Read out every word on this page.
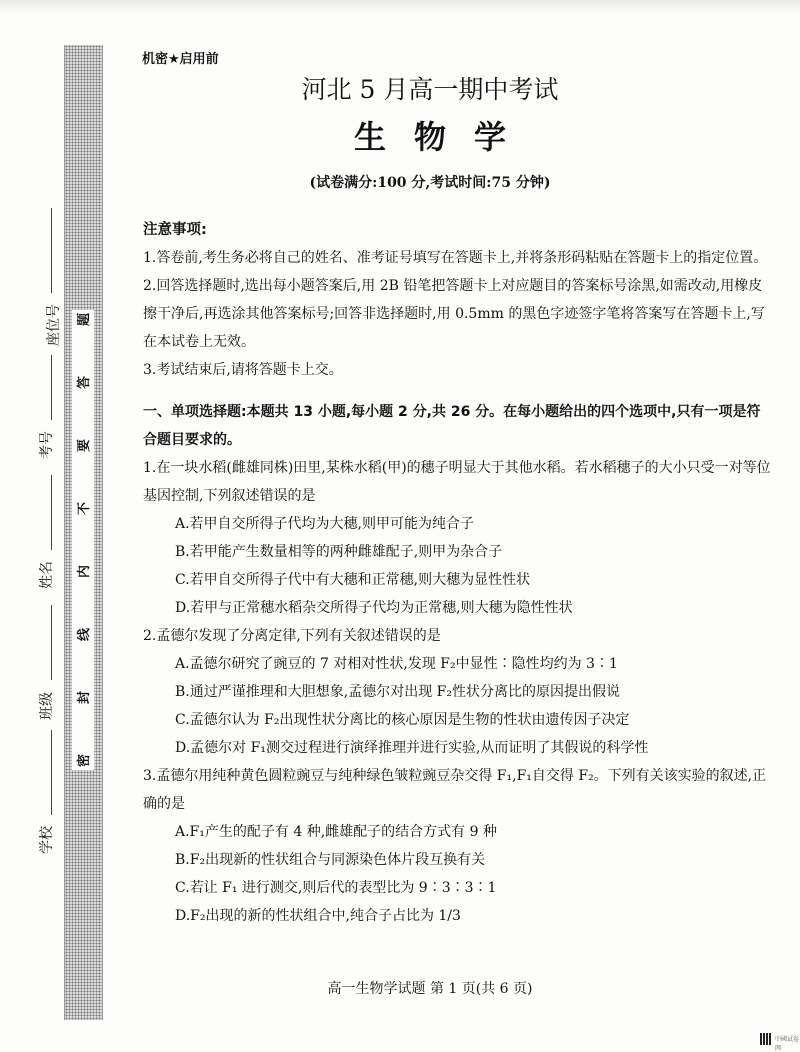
题
答
要
不
内
线
封
密
座位号
考号
姓名
班级
学校
机密★启用前
河北 5 月高一期中考试
生物学
(试卷满分:100 分,考试时间:75 分钟)
注意事项:

1.答卷前,考生务必将自己的姓名、准考证号填写在答题卡上,并将条形码粘贴在答题卡上的指定位置。

2.回答选择题时,选出每小题答案后,用 2B 铅笔把答题卡上对应题目的答案标号涂黑,如需改动,用橡皮擦干净后,再选涂其他答案标号;回答非选择题时,用 0.5mm 的黑色字迹签字笔将答案写在答题卡上,写在本试卷上无效。

3.考试结束后,请将答题卡上交。

一、单项选择题:本题共 13 小题,每小题 2 分,共 26 分。在每小题给出的四个选项中,只有一项是符合题目要求的。

1.在一块水稻(雌雄同株)田里,某株水稻(甲)的穗子明显大于其他水稻。若水稻穗子的大小只受一对等位基因控制,下列叙述错误的是

A.若甲自交所得子代均为大穗,则甲可能为纯合子

B.若甲能产生数量相等的两种雌雄配子,则甲为杂合子

C.若甲自交所得子代中有大穗和正常穗,则大穗为显性性状

D.若甲与正常穗水稻杂交所得子代均为正常穗,则大穗为隐性性状

2.孟德尔发现了分离定律,下列有关叙述错误的是

A.孟德尔研究了豌豆的 7 对相对性状,发现 F₂中显性∶隐性均约为 3∶1

B.通过严谨推理和大胆想象,孟德尔对出现 F₂性状分离比的原因提出假说

C.孟德尔认为 F₂出现性状分离比的核心原因是生物的性状由遗传因子决定

D.孟德尔对 F₁测交过程进行演绎推理并进行实验,从而证明了其假说的科学性

3.孟德尔用纯种黄色圆粒豌豆与纯种绿色皱粒豌豆杂交得 F₁,F₁自交得 F₂。下列有关该实验的叙述,正确的是

A.F₁产生的配子有 4 种,雌雄配子的结合方式有 9 种

B.F₂出现新的性状组合与同源染色体片段互换有关

C.若让 F₁ 进行测交,则后代的表型比为 9∶3∶3∶1

D.F₂出现的新的性状组合中,纯合子占比为 1/3

高一生物学试题 第 1 页(共 6 页)
中國试卷网
